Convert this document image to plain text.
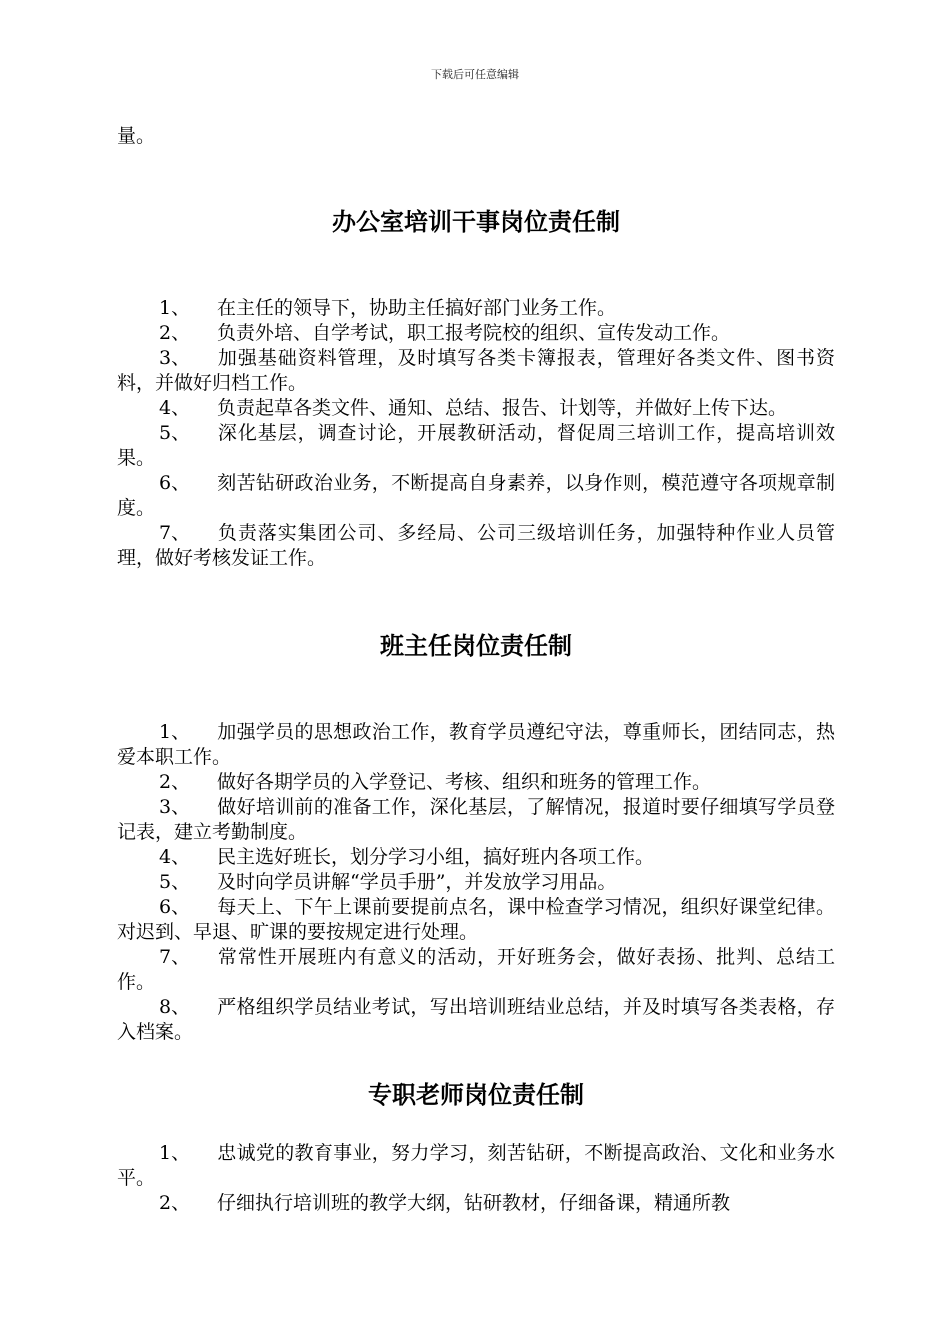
下载后可任意编辑
量。
办公室培训干事岗位责任制

1、 在主任的领导下，协助主任搞好部门业务工作。

2、 负责外培、自学考试，职工报考院校的组织、宣传发动工作。

3、 加强基础资料管理，及时填写各类卡簿报表，管理好各类文件、图书资料，并做好归档工作。

4、 负责起草各类文件、通知、总结、报告、计划等，并做好上传下达。

5、 深化基层，调查讨论，开展教研活动，督促周三培训工作，提高培训效果。

6、 刻苦钻研政治业务，不断提高自身素养，以身作则，模范遵守各项规章制度。

7、 负责落实集团公司、多经局、公司三级培训任务，加强特种作业人员管理，做好考核发证工作。

班主任岗位责任制

1、 加强学员的思想政治工作，教育学员遵纪守法，尊重师长，团结同志，热爱本职工作。

2、 做好各期学员的入学登记、考核、组织和班务的管理工作。

3、 做好培训前的准备工作，深化基层，了解情况，报道时要仔细填写学员登记表，建立考勤制度。

4、 民主选好班长，划分学习小组，搞好班内各项工作。

5、 及时向学员讲解“学员手册”，并发放学习用品。

6、 每天上、下午上课前要提前点名，课中检查学习情况，组织好课堂纪律。对迟到、早退、旷课的要按规定进行处理。

7、 常常性开展班内有意义的活动，开好班务会，做好表扬、批判、总结工作。

8、 严格组织学员结业考试，写出培训班结业总结，并及时填写各类表格，存入档案。

专职老师岗位责任制

1、 忠诚党的教育事业，努力学习，刻苦钻研，不断提高政治、文化和业务水平。

2、 仔细执行培训班的教学大纲，钻研教材，仔细备课，精通所教
